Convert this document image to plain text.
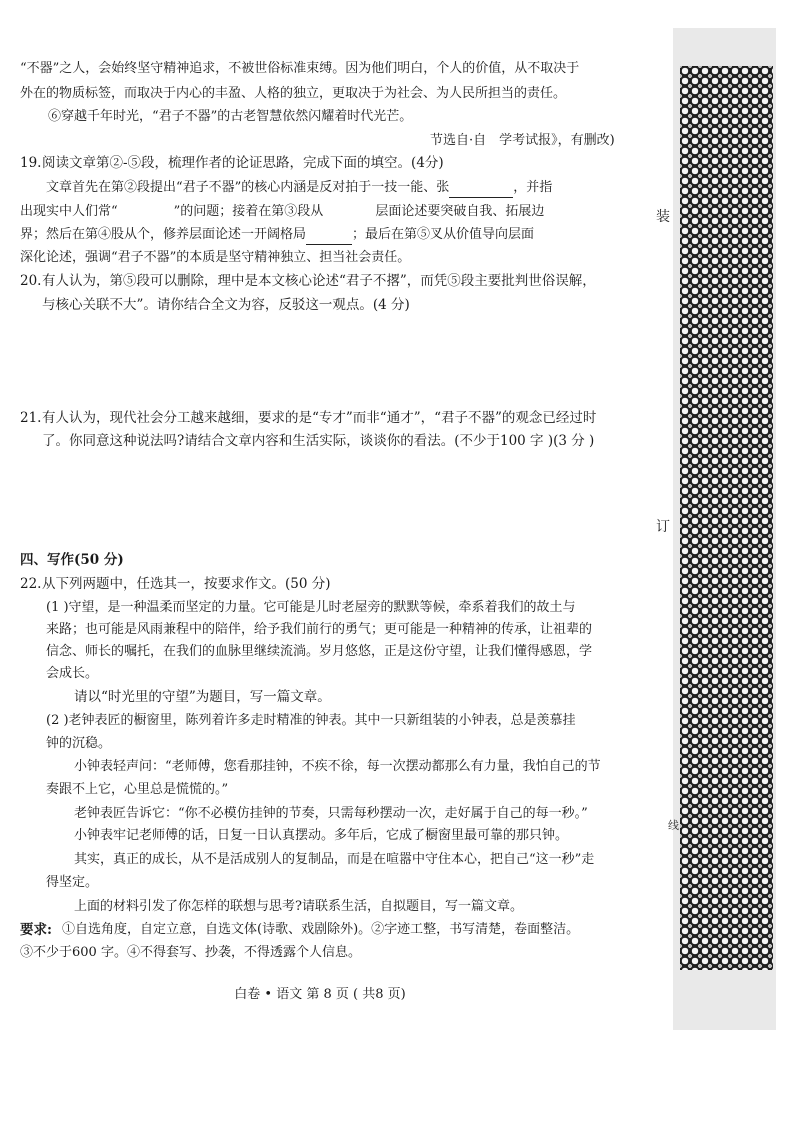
装
订
线
“不器”之人，会始终坚守精神追求，不被世俗标准束缚。因为他们明白，个人的价值，从不取决于
外在的物质标签，而取决于内心的丰盈、人格的独立，更取决于为社会、为人民所担当的责任。
⑥穿越千年时光，“君子不器”的古老智慧依然闪耀着时代光芒。
节选自·自　学考试报》，有删改)
19. 阅读文章第②-⑤段，梳理作者的论证思路，完成下面的填空。(4分)
文章首先在第②段提出“君子不器”的核心内涵是反对拍于一技一能、张	，并指
出现实中人们常“	”的问题；接着在第③段从	层面论述要突破自我、拓展边
界；然后在第④股从个，修养层面论述一开阔格局	；最后在第⑤叉从价值导向层面
深化论述，强调“君子不器”的本质是坚守精神独立、担当社会责任。
20. 有人认为，第⑤段可以删除，理中是本文核心论述“君子不撂”，而凭⑤段主要批判世俗误解，
与核心关联不大”。请你结合全文为容，反驳这一观点。(4 分)
21. 有人认为，现代社会分工越来越细，要求的是“专才”而非“通才”，“君子不器”的观念已经过时
了。你同意这种说法吗?请结合文章内容和生活实际，谈谈你的看法。(不少于100 字 )(3 分 )
四、写作(50 分)
22. 从下列两题中，任选其一，按要求作文。(50 分)
(1 )守望，是一种温柔而坚定的力量。它可能是儿时老屋旁的默默等候，牵系着我们的故土与
来路；也可能是风雨兼程中的陪伴，给予我们前行的勇气；更可能是一种精神的传承，让祖辈的
信念、师长的嘱托，在我们的血脉里继续流淌。岁月悠悠，正是这份守望，让我们懂得感恩，学
会成长。
请以“时光里的守望”为题目，写一篇文章。
(2 )老钟表匠的橱窗里，陈列着许多走时精准的钟表。其中一只新组装的小钟表，总是羡慕挂
钟的沉稳。
小钟表轻声问：“老师傅，您看那挂钟，不疾不徐，每一次摆动都那么有力量，我怕自己的节
奏跟不上它，心里总是慌慌的。”
老钟表匠告诉它：“你不必模仿挂钟的节奏，只需每秒摆动一次，走好属于自己的每一秒。”
小钟表牢记老师傅的话，日复一日认真摆动。多年后，它成了橱窗里最可靠的那只钟。
其实，真正的成长，从不是活成别人的复制品，而是在喧嚣中守住本心，把自己“这一秒”走
得坚定。
上面的材料引发了你怎样的联想与思考?请联系生活，自拟题目，写一篇文章。
要求: ①自选角度，自定立意，自选文体(诗歌、戏剧除外)。②字迹工整，书写清楚，卷面整洁。
③不少于600 字。④不得套写、抄袭，不得透露个人信息。
白卷 • 语文 第 8 页 ( 共8 页)
